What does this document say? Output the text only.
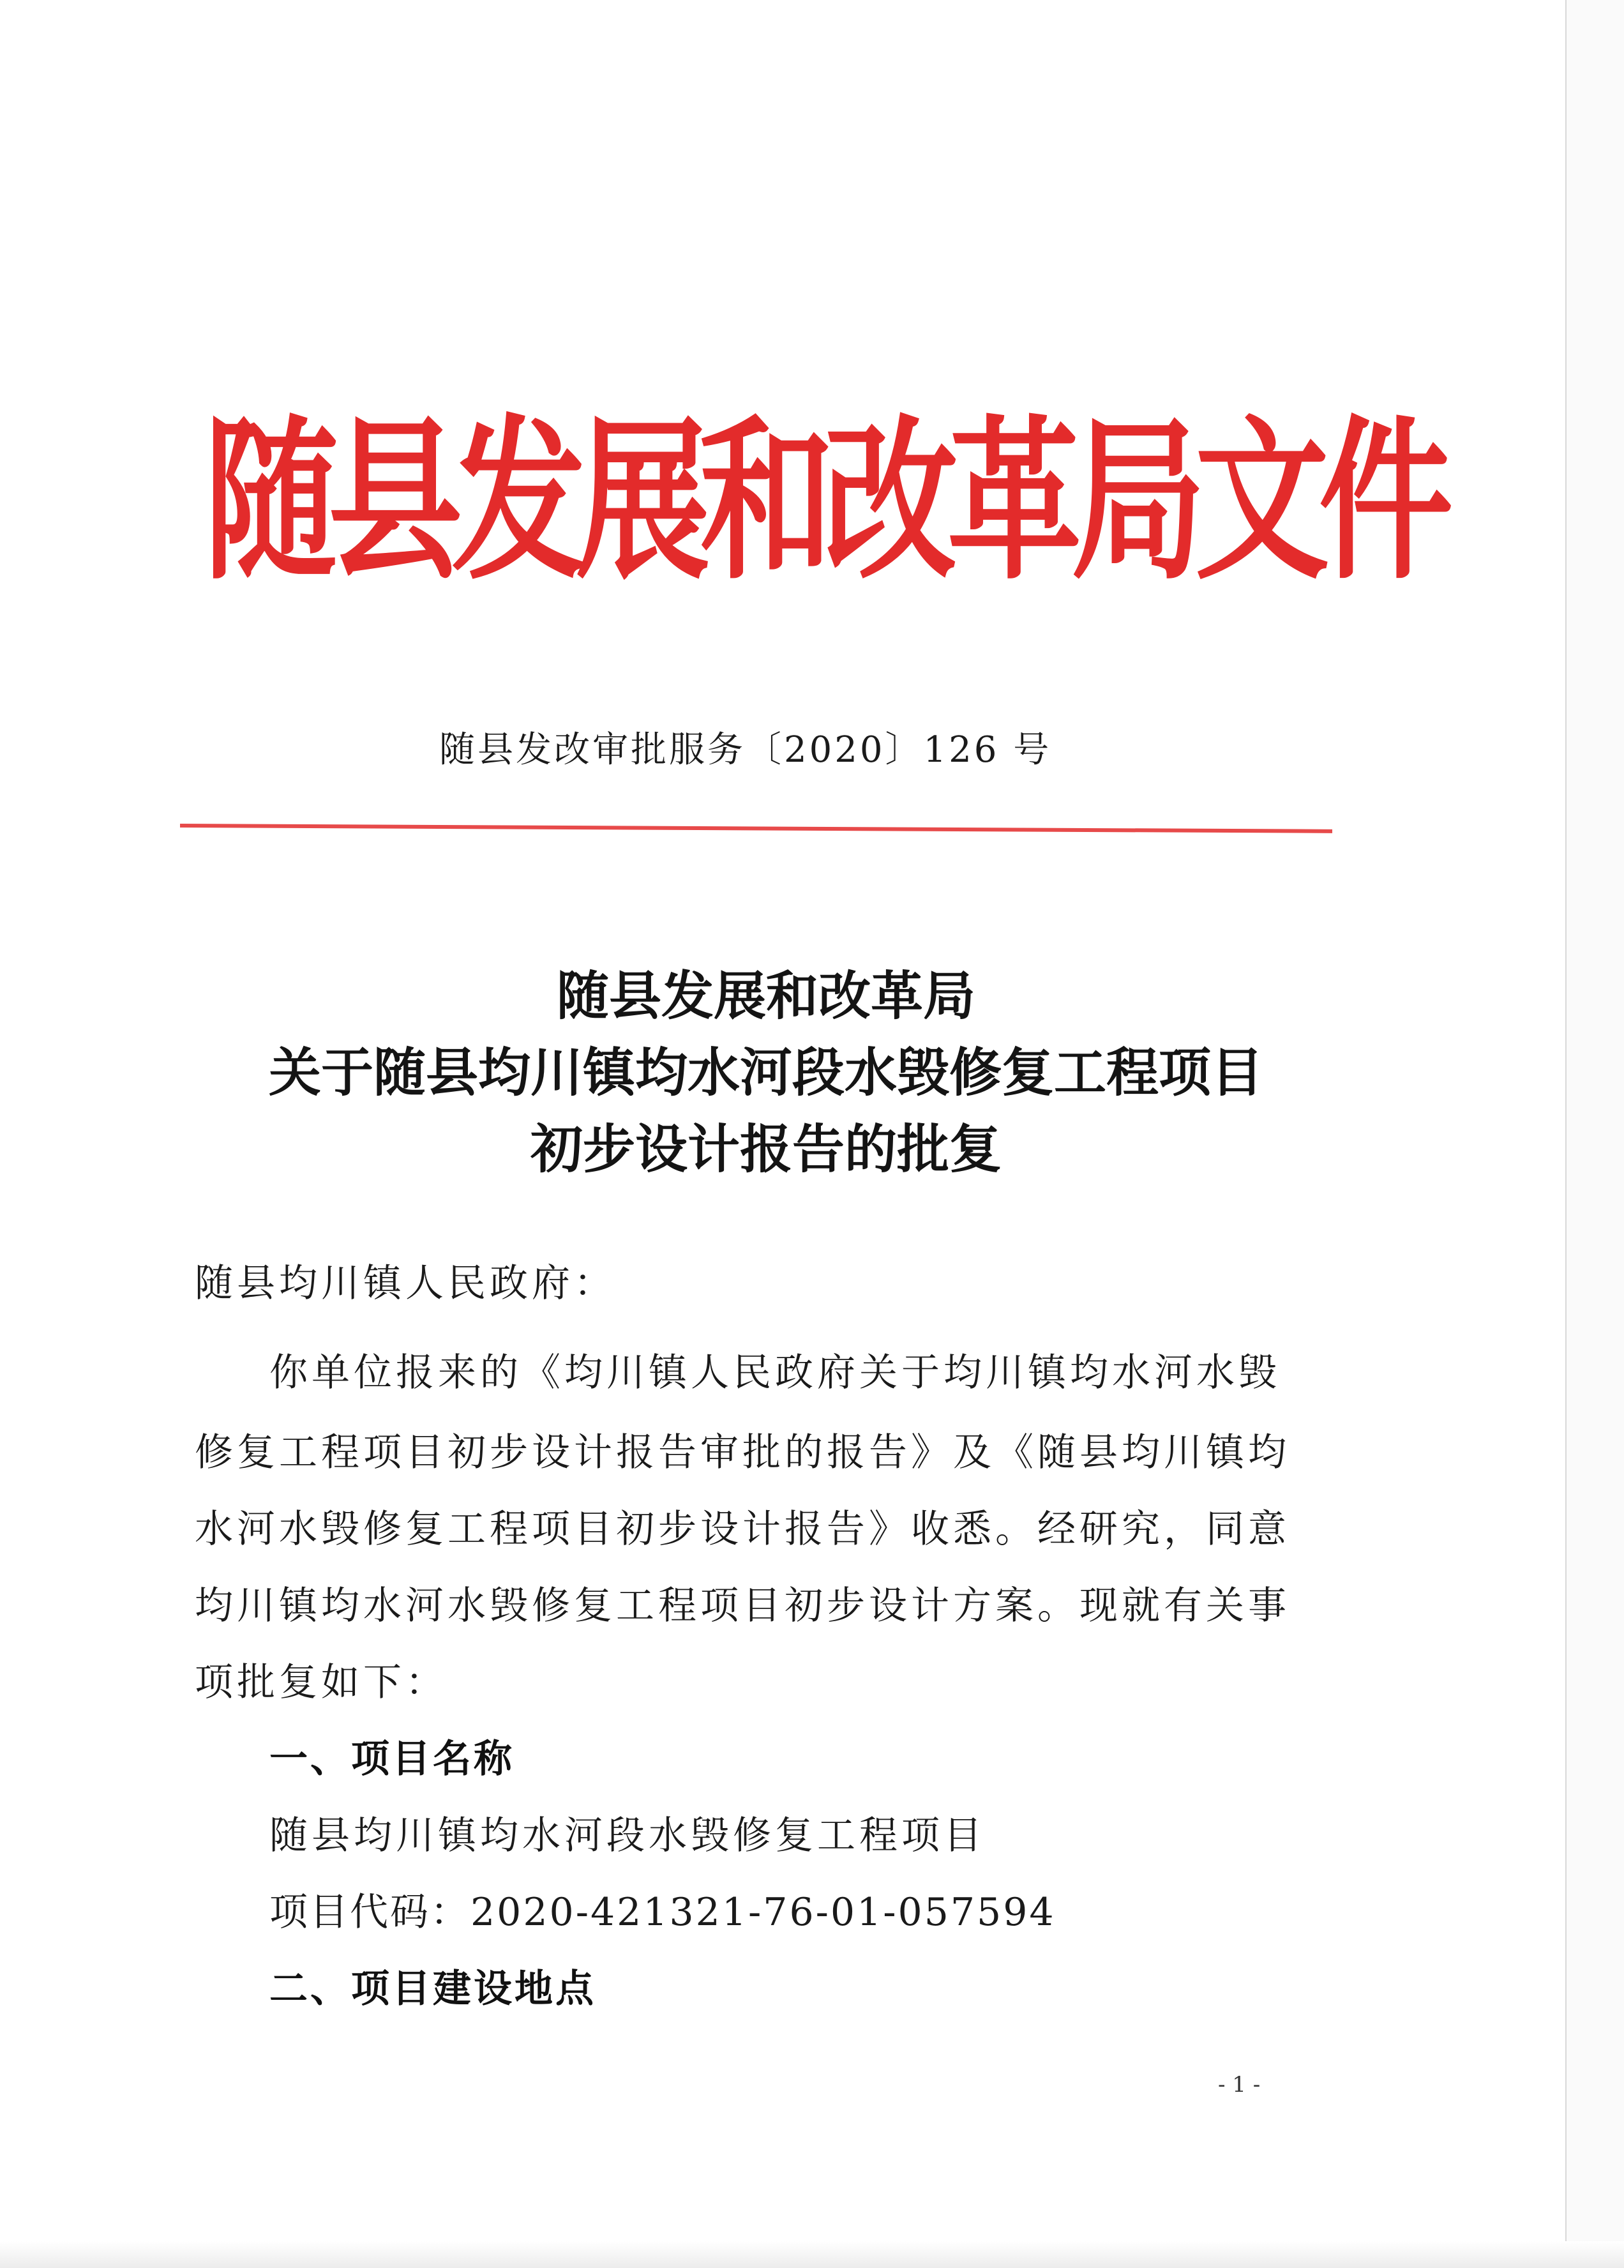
随县发展和改革局文件
随县发改审批服务〔2020〕126 号
随县发展和改革局
关于随县均川镇均水河段水毁修复工程项目
初步设计报告的批复
随县均川镇人民政府：
你单位报来的《均川镇人民政府关于均川镇均水河水毁
修复工程项目初步设计报告审批的报告》及《随县均川镇均
水河水毁修复工程项目初步设计报告》收悉。经研究，同意
均川镇均水河水毁修复工程项目初步设计方案。现就有关事
项批复如下：
一、项目名称
随县均川镇均水河段水毁修复工程项目
项目代码：2020-421321-76-01-057594
二、项目建设地点
- 1 -
